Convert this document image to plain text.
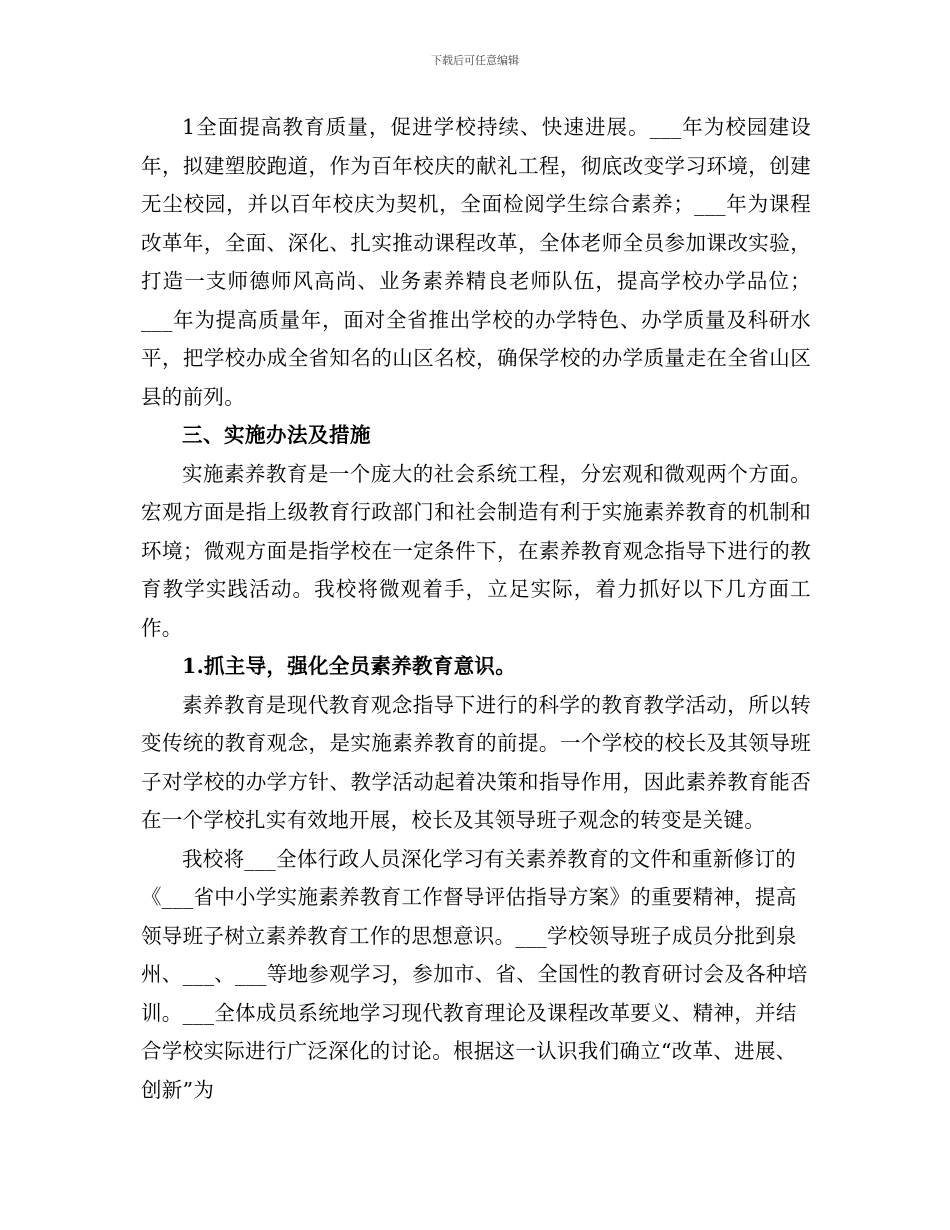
下载后可任意编辑

1全面提高教育质量，促进学校持续、快速进展。___年为校园建设年，拟建塑胶跑道，作为百年校庆的献礼工程，彻底改变学习环境，创建无尘校园，并以百年校庆为契机，全面检阅学生综合素养；___年为课程改革年，全面、深化、扎实推动课程改革，全体老师全员参加课改实验，打造一支师德师风高尚、业务素养精良老师队伍，提高学校办学品位；___年为提高质量年，面对全省推出学校的办学特色、办学质量及科研水平，把学校办成全省知名的山区名校，确保学校的办学质量走在全省山区县的前列。

三、实施办法及措施

实施素养教育是一个庞大的社会系统工程，分宏观和微观两个方面。宏观方面是指上级教育行政部门和社会制造有利于实施素养教育的机制和环境；微观方面是指学校在一定条件下，在素养教育观念指导下进行的教育教学实践活动。我校将微观着手，立足实际，着力抓好以下几方面工作。

1.抓主导，强化全员素养教育意识。

素养教育是现代教育观念指导下进行的科学的教育教学活动，所以转变传统的教育观念，是实施素养教育的前提。一个学校的校长及其领导班子对学校的办学方针、教学活动起着决策和指导作用，因此素养教育能否在一个学校扎实有效地开展，校长及其领导班子观念的转变是关键。

我校将___全体行政人员深化学习有关素养教育的文件和重新修订的《___省中小学实施素养教育工作督导评估指导方案》的重要精神，提高领导班子树立素养教育工作的思想意识。___学校领导班子成员分批到泉州、___、___等地参观学习，参加市、省、全国性的教育研讨会及各种培训。___全体成员系统地学习现代教育理论及课程改革要义、精神，并结合学校实际进行广泛深化的讨论。根据这一认识我们确立“改革、进展、创新”为
